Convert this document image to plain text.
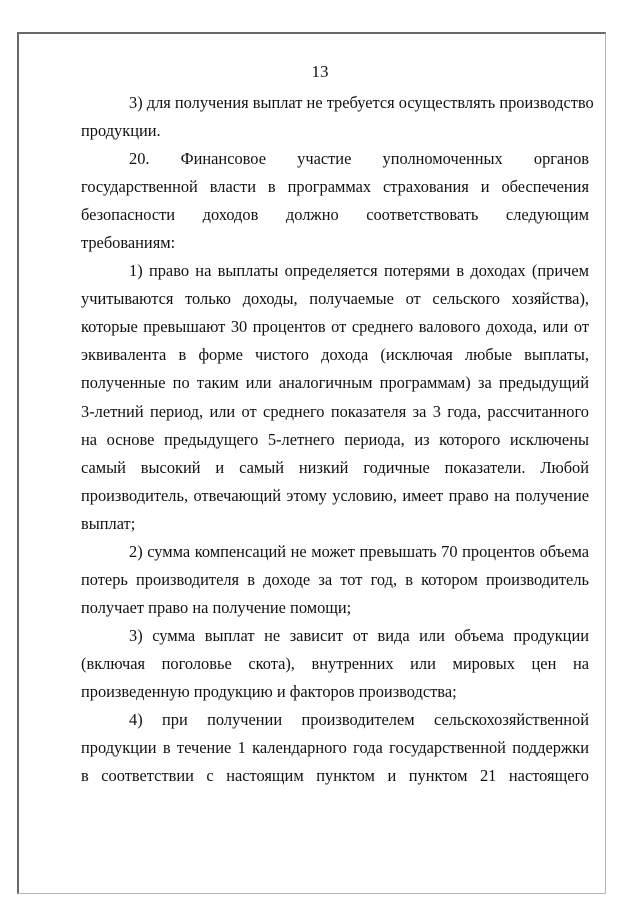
13
3) для получения выплат не требуется осуществлять производство
продукции.
20. Финансовое участие уполномоченных органов
государственной власти в программах страхования и обеспечения
безопасности доходов должно соответствовать следующим
требованиям:
1) право на выплаты определяется потерями в доходах (причем
учитываются только доходы, получаемые от сельского хозяйства),
которые превышают 30 процентов от среднего валового дохода, или от
эквивалента в форме чистого дохода (исключая любые выплаты,
полученные по таким или аналогичным программам) за предыдущий
3-летний период, или от среднего показателя за 3 года, рассчитанного
на основе предыдущего 5-летнего периода, из которого исключены
самый высокий и самый низкий годичные показатели. Любой
производитель, отвечающий этому условию, имеет право на получение
выплат;
2) сумма компенсаций не может превышать 70 процентов объема
потерь производителя в доходе за тот год, в котором производитель
получает право на получение помощи;
3) сумма выплат не зависит от вида или объема продукции
(включая поголовье скота), внутренних или мировых цен на
произведенную продукцию и факторов производства;
4) при получении производителем сельскохозяйственной
продукции в течение 1 календарного года государственной поддержки
в соответствии с настоящим пунктом и пунктом 21 настоящего
